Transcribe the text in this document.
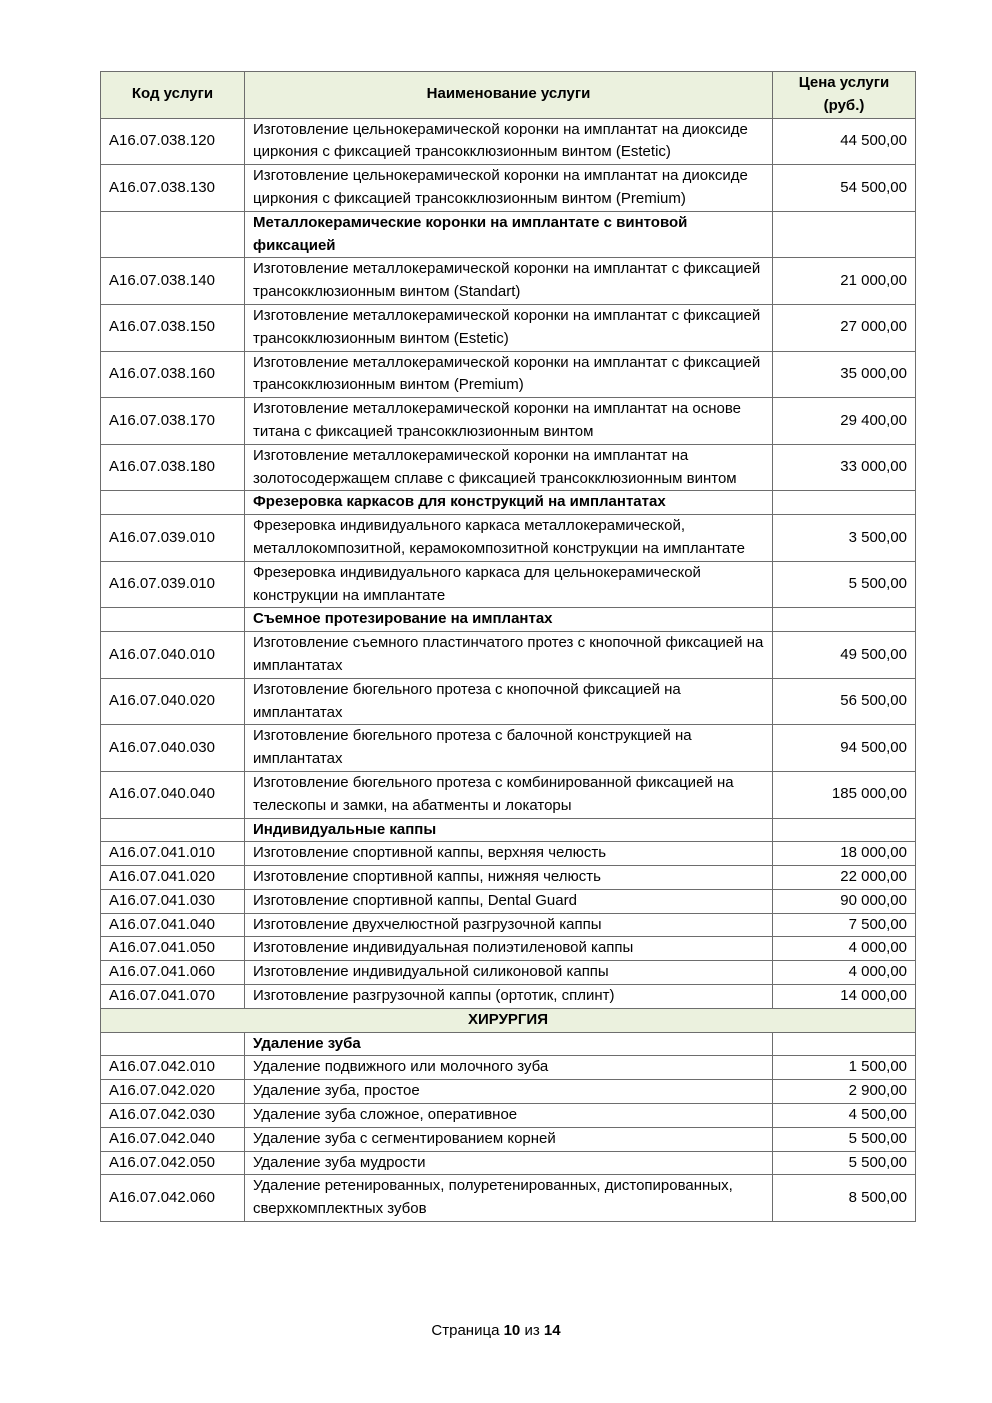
Код услуги	Наименование услуги	Цена услуги
(руб.)
A16.07.038.120	Изготовление цельнокерамической коронки на имплантат на диоксиде циркония с фиксацией трансокклюзионным винтом (Estetic)	44 500,00
A16.07.038.130	Изготовление цельнокерамической коронки на имплантат на диоксиде циркония с фиксацией трансокклюзионным винтом (Premium)	54 500,00
	Металлокерамические коронки на имплантате с винтовой фиксацией	
A16.07.038.140	Изготовление металлокерамической коронки на имплантат с фиксацией трансокклюзионным винтом (Standart)	21 000,00
A16.07.038.150	Изготовление металлокерамической коронки на имплантат с фиксацией трансокклюзионным винтом (Estetic)	27 000,00
A16.07.038.160	Изготовление металлокерамической коронки на имплантат с фиксацией трансокклюзионным винтом (Premium)	35 000,00
A16.07.038.170	Изготовление металлокерамической коронки на имплантат на основе титана с фиксацией трансокклюзионным винтом	29 400,00
A16.07.038.180	Изготовление металлокерамической коронки на имплантат на золотосодержащем сплаве с фиксацией трансокклюзионным винтом	33 000,00
	Фрезеровка каркасов для конструкций на имплантатах	
A16.07.039.010	Фрезеровка индивидуального каркаса металлокерамической, металлокомпозитной, керамокомпозитной конструкции на имплантате	3 500,00
A16.07.039.010	Фрезеровка индивидуального каркаса для цельнокерамической конструкции на имплантате	5 500,00
	Съемное протезирование на имплантах	
A16.07.040.010	Изготовление съемного пластинчатого протез с кнопочной фиксацией на имплантатах	49 500,00
A16.07.040.020	Изготовление бюгельного протеза с кнопочной фиксацией на имплантатах	56 500,00
A16.07.040.030	Изготовление бюгельного протеза с балочной конструкцией на имплантатах	94 500,00
A16.07.040.040	Изготовление бюгельного протеза с комбинированной фиксацией на телескопы и замки, на абатменты и локаторы	185 000,00
	Индивидуальные каппы	
A16.07.041.010	Изготовление спортивной каппы, верхняя челюсть	18 000,00
A16.07.041.020	Изготовление спортивной каппы, нижняя челюсть	22 000,00
A16.07.041.030	Изготовление спортивной каппы, Dental Guard	90 000,00
A16.07.041.040	Изготовление двухчелюстной разгрузочной каппы	7 500,00
A16.07.041.050	Изготовление индивидуальная полиэтиленовой каппы	4 000,00
A16.07.041.060	Изготовление индивидуальной силиконовой каппы	4 000,00
A16.07.041.070	Изготовление разгрузочной каппы (ортотик, сплинт)	14 000,00
ХИРУРГИЯ		
	Удаление зуба	
A16.07.042.010	Удаление подвижного или молочного зуба	1 500,00
A16.07.042.020	Удаление зуба, простое	2 900,00
A16.07.042.030	Удаление зуба сложное, оперативное	4 500,00
A16.07.042.040	Удаление зуба с сегментированием корней	5 500,00
A16.07.042.050	Удаление зуба мудрости	5 500,00
A16.07.042.060	Удаление ретенированных, полуретенированных, дистопированных, сверхкомплектных зубов	8 500,00
Страница 10 из 14
